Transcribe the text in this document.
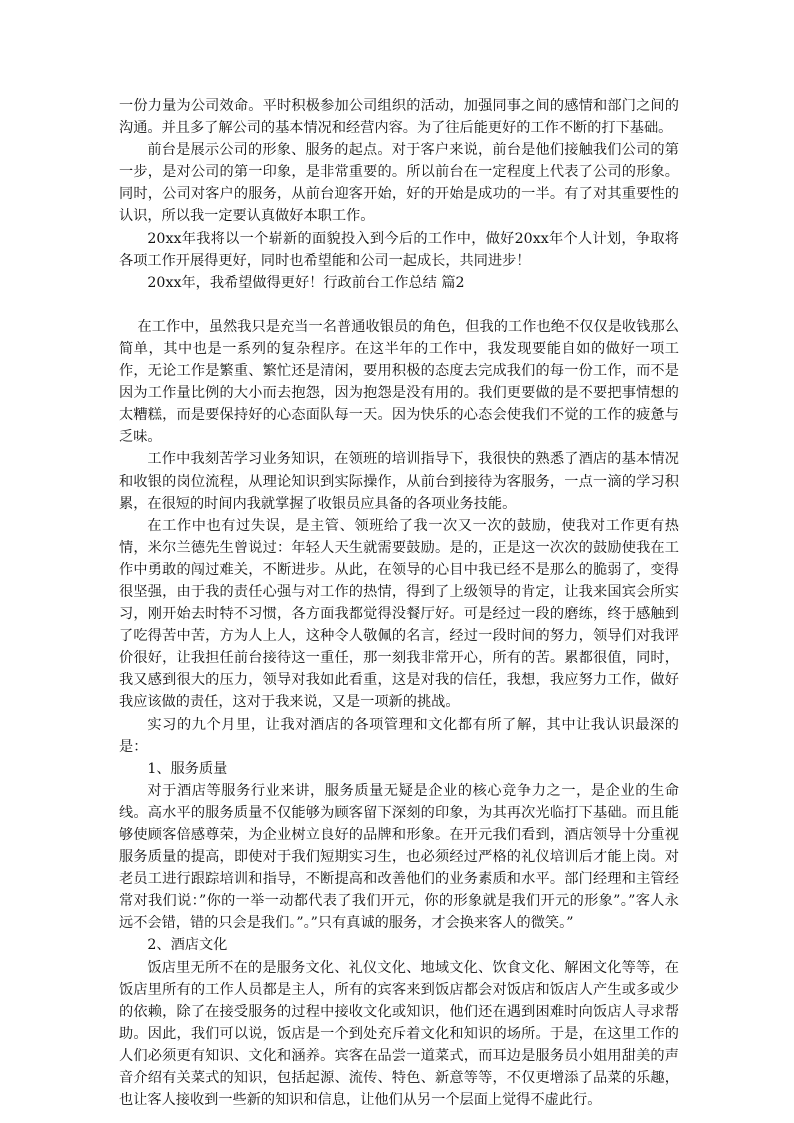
一份力量为公司效命。平时积极参加公司组织的活动，加强同事之间的感情和部门之间的沟通。并且多了解公司的基本情况和经营内容。为了往后能更好的工作不断的打下基础。

前台是展示公司的形象、服务的起点。对于客户来说，前台是他们接触我们公司的第一步，是对公司的第一印象，是非常重要的。所以前台在一定程度上代表了公司的形象。同时，公司对客户的服务，从前台迎客开始，好的开始是成功的一半。有了对其重要性的认识，所以我一定要认真做好本职工作。

20xx年我将以一个崭新的面貌投入到今后的工作中，做好20xx年个人计划，争取将各项工作开展得更好，同时也希望能和公司一起成长，共同进步！

20xx年，我希望做得更好！行政前台工作总结 篇2

在工作中，虽然我只是充当一名普通收银员的角色，但我的工作也绝不仅仅是收钱那么简单，其中也是一系列的复杂程序。在这半年的工作中，我发现要能自如的做好一项工作，无论工作是繁重、繁忙还是清闲，要用积极的态度去完成我们的每一份工作，而不是因为工作量比例的大小而去抱怨，因为抱怨是没有用的。我们更要做的是不要把事情想的太糟糕，而是要保持好的心态面队每一天。因为快乐的心态会使我们不觉的工作的疲惫与乏味。

工作中我刻苦学习业务知识，在领班的培训指导下，我很快的熟悉了酒店的基本情况和收银的岗位流程，从理论知识到实际操作，从前台到接待为客服务，一点一滴的学习积累，在很短的时间内我就掌握了收银员应具备的各项业务技能。

在工作中也有过失误，是主管、领班给了我一次又一次的鼓励，使我对工作更有热情，米尔兰德先生曾说过：年轻人天生就需要鼓励。是的，正是这一次次的鼓励使我在工作中勇敢的闯过难关，不断进步。从此，在领导的心目中我已经不是那么的脆弱了，变得很坚强，由于我的责任心强与对工作的热情，得到了上级领导的肯定，让我来国宾会所实习，刚开始去时特不习惯，各方面我都觉得没餐厅好。可是经过一段的磨练，终于感触到了吃得苦中苦，方为人上人，这种令人敬佩的名言，经过一段时间的努力，领导们对我评价很好，让我担任前台接待这一重任，那一刻我非常开心，所有的苦。累都很值，同时，我又感到很大的压力，领导对我如此看重，这是对我的信任，我想，我应努力工作，做好我应该做的责任，这对于我来说，又是一项新的挑战。

实习的九个月里，让我对酒店的各项管理和文化都有所了解，其中让我认识最深的是：

1、服务质量

对于酒店等服务行业来讲，服务质量无疑是企业的核心竞争力之一，是企业的生命线。高水平的服务质量不仅能够为顾客留下深刻的印象，为其再次光临打下基础。而且能够使顾客倍感尊荣，为企业树立良好的品牌和形象。在开元我们看到，酒店领导十分重视服务质量的提高，即使对于我们短期实习生，也必须经过严格的礼仪培训后才能上岗。对老员工进行跟踪培训和指导，不断提高和改善他们的业务素质和水平。部门经理和主管经常对我们说：”你的一举一动都代表了我们开元，你的形象就是我们开元的形象”。”客人永远不会错，错的只会是我们。”。”只有真诚的服务，才会换来客人的微笑。”

2、酒店文化

饭店里无所不在的是服务文化、礼仪文化、地域文化、饮食文化、解困文化等等，在饭店里所有的工作人员都是主人，所有的宾客来到饭店都会对饭店和饭店人产生或多或少的依赖，除了在接受服务的过程中接收文化或知识，他们还在遇到困难时向饭店人寻求帮助。因此，我们可以说，饭店是一个到处充斥着文化和知识的场所。于是，在这里工作的人们必须更有知识、文化和涵养。宾客在品尝一道菜式，而耳边是服务员小姐用甜美的声音介绍有关菜式的知识，包括起源、流传、特色、新意等等，不仅更增添了品菜的乐趣，也让客人接收到一些新的知识和信息，让他们从另一个层面上觉得不虚此行。
